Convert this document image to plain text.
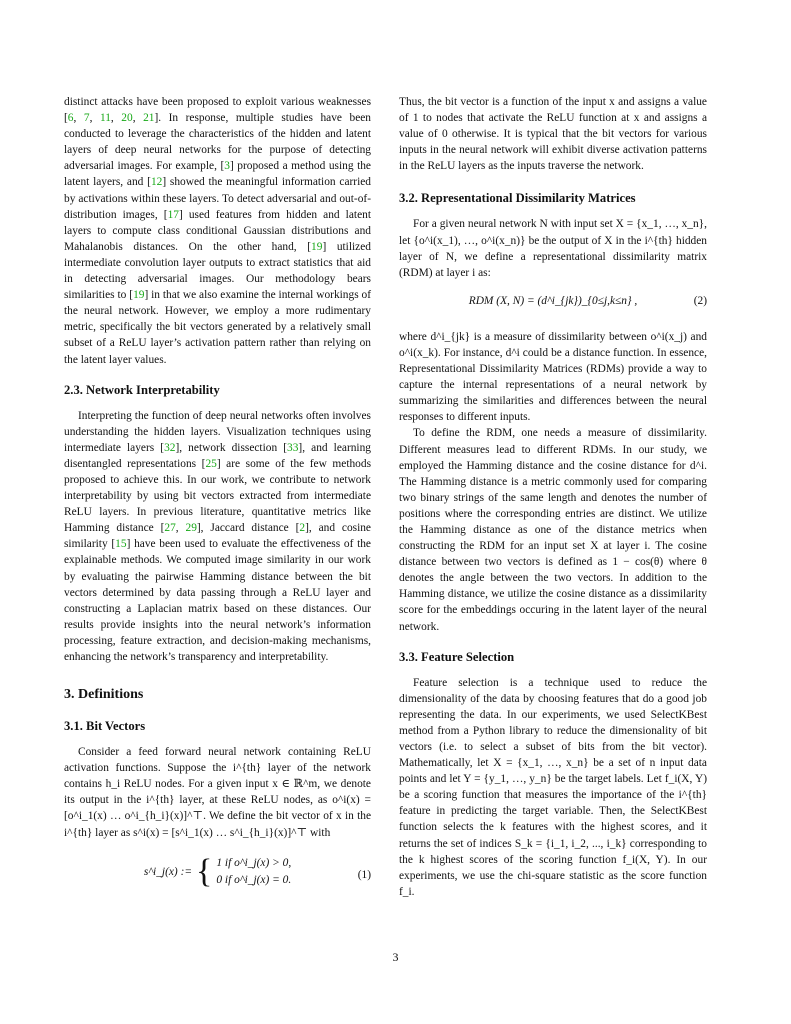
distinct attacks have been proposed to exploit various weaknesses [6, 7, 11, 20, 21]. In response, multiple studies have been conducted to leverage the characteristics of the hidden and latent layers of deep neural networks for the purpose of detecting adversarial images. For example, [3] proposed a method using the latent layers, and [12] showed the meaningful information carried by activations within these layers. To detect adversarial and out-of-distribution images, [17] used features from hidden and latent layers to compute class conditional Gaussian distributions and Mahalanobis distances. On the other hand, [19] utilized intermediate convolution layer outputs to extract statistics that aid in detecting adversarial images. Our methodology bears similarities to [19] in that we also examine the internal workings of the neural network. However, we employ a more rudimentary metric, specifically the bit vectors generated by a relatively small subset of a ReLU layer’s activation pattern rather than relying on the latent layer values.

2.3. Network Interpretability

Interpreting the function of deep neural networks often involves understanding the hidden layers. Visualization techniques using intermediate layers [32], network dissection [33], and learning disentangled representations [25] are some of the few methods proposed to achieve this. In our work, we contribute to network interpretability by using bit vectors extracted from intermediate ReLU layers. In previous literature, quantitative metrics like Hamming distance [27, 29], Jaccard distance [2], and cosine similarity [15] have been used to evaluate the effectiveness of the explainable methods. We computed image similarity in our work by evaluating the pairwise Hamming distance between the bit vectors determined by data passing through a ReLU layer and constructing a Laplacian matrix based on these distances. Our results provide insights into the neural network’s information processing, feature extraction, and decision-making mechanisms, enhancing the network’s transparency and interpretability.

3. Definitions
3.1. Bit Vectors

Consider a feed forward neural network containing ReLU activation functions. Suppose the i^{th} layer of the network contains h_i ReLU nodes. For a given input x ∈ ℝ^m, we denote its output in the i^{th} layer, at these ReLU nodes, as o^i(x) = [o^i_1(x) … o^i_{h_i}(x)]^⊤. We define the bit vector of x in the i^{th} layer as s^i(x) = [s^i_1(x) … s^i_{h_i}(x)]^⊤ with

s^i_j(x) := { 1 if o^i_j(x) > 0,
0 if o^i_j(x) = 0.	(1)

Thus, the bit vector is a function of the input x and assigns a value of 1 to nodes that activate the ReLU function at x and assigns a value of 0 otherwise. It is typical that the bit vectors for various inputs in the neural network will exhibit diverse activation patterns in the ReLU layers as the inputs traverse the network.

3.2. Representational Dissimilarity Matrices

For a given neural network N with input set X = {x_1, …, x_n}, let {o^i(x_1), …, o^i(x_n)} be the output of X in the i^{th} hidden layer of N, we define a representational dissimilarity matrix (RDM) at layer i as:

RDM (X, N) = (d^i_{jk})_{0≤j,k≤n} ,	(2)

where d^i_{jk} is a measure of dissimilarity between o^i(x_j) and o^i(x_k). For instance, d^i could be a distance function. In essence, Representational Dissimilarity Matrices (RDMs) provide a way to capture the internal representations of a neural network by summarizing the similarities and differences between the neural responses to different inputs.

To define the RDM, one needs a measure of dissimilarity. Different measures lead to different RDMs. In our study, we employed the Hamming distance and the cosine distance for d^i. The Hamming distance is a metric commonly used for comparing two binary strings of the same length and denotes the number of positions where the corresponding entries are distinct. We utilize the Hamming distance as one of the distance metrics when constructing the RDM for an input set X at layer i. The cosine distance between two vectors is defined as 1 − cos(θ) where θ denotes the angle between the two vectors. In addition to the Hamming distance, we utilize the cosine distance as a dissimilarity score for the embeddings occuring in the latent layer of the neural network.

3.3. Feature Selection

Feature selection is a technique used to reduce the dimensionality of the data by choosing features that do a good job representing the data. In our experiments, we used SelectKBest method from a Python library to reduce the dimensionality of bit vectors (i.e. to select a subset of bits from the bit vector). Mathematically, let X = {x_1, …, x_n} be a set of n input data points and let Y = {y_1, …, y_n} be the target labels. Let f_i(X, Y) be a scoring function that measures the importance of the i^{th} feature in predicting the target variable. Then, the SelectKBest function selects the k features with the highest scores, and it returns the set of indices S_k = {i_1, i_2, ..., i_k} corresponding to the k highest scores of the scoring function f_i(X, Y). In our experiments, we use the chi-square statistic as the score function f_i.

3
